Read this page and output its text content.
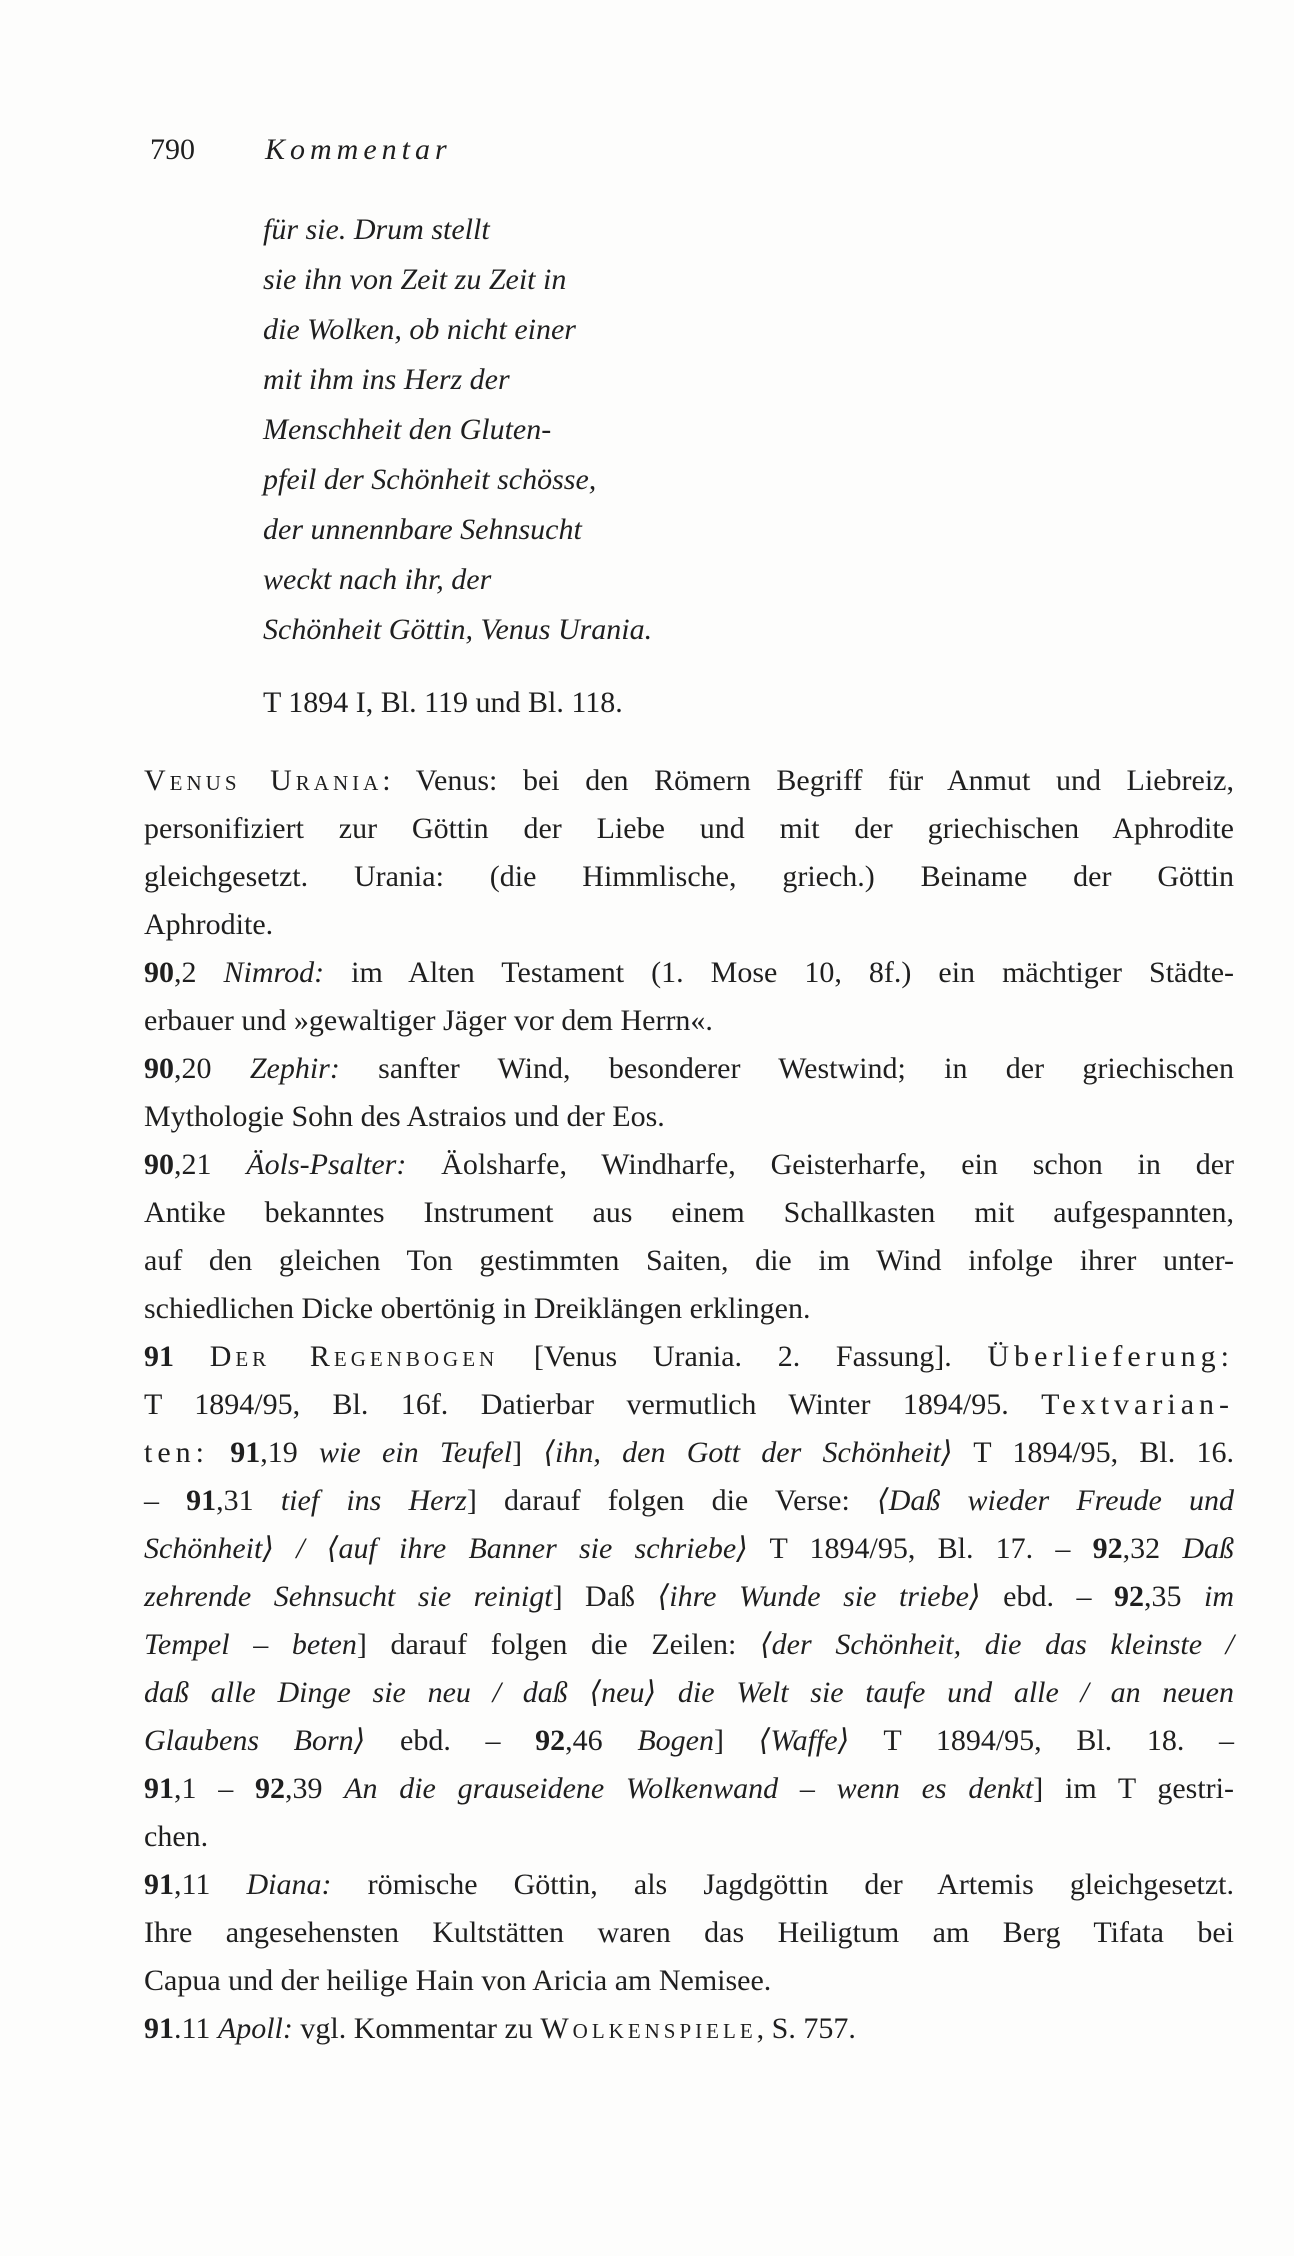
790 Kommentar
für sie. Drum stellt
sie ihn von Zeit zu Zeit in
die Wolken, ob nicht einer
mit ihm ins Herz der
Menschheit den Gluten-
pfeil der Schönheit schösse,
der unnennbare Sehnsucht
weckt nach ihr, der
Schönheit Göttin, Venus Urania.
T 1894 I, Bl. 119 und Bl. 118.
Venus Urania: Venus: bei den Römern Begriff für Anmut und Liebreiz,
personifiziert zur Göttin der Liebe und mit der griechischen Aphrodite
gleichgesetzt. Urania: (die Himmlische, griech.) Beiname der Göttin
Aphrodite.
90,2 Nimrod: im Alten Testament (1. Mose 10, 8f.) ein mächtiger Städte-
erbauer und »gewaltiger Jäger vor dem Herrn«.
90,20 Zephir: sanfter Wind, besonderer Westwind; in der griechischen
Mythologie Sohn des Astraios und der Eos.
90,21 Äols-Psalter: Äolsharfe, Windharfe, Geisterharfe, ein schon in der
Antike bekanntes Instrument aus einem Schallkasten mit aufgespannten,
auf den gleichen Ton gestimmten Saiten, die im Wind infolge ihrer unter-
schiedlichen Dicke obertönig in Dreiklängen erklingen.
91 Der Regenbogen [Venus Urania. 2. Fassung]. Überlieferung:
T 1894/95, Bl. 16f. Datierbar vermutlich Winter 1894/95. Textvarian-
ten: 91,19 wie ein Teufel] ⟨ihn, den Gott der Schönheit⟩ T 1894/95, Bl. 16.
– 91,31 tief ins Herz] darauf folgen die Verse: ⟨Daß wieder Freude und
Schönheit⟩ / ⟨auf ihre Banner sie schriebe⟩ T 1894/95, Bl. 17. – 92,32 Daß
zehrende Sehnsucht sie reinigt] Daß ⟨ihre Wunde sie triebe⟩ ebd. – 92,35 im
Tempel – beten] darauf folgen die Zeilen: ⟨der Schönheit, die das kleinste /
daß alle Dinge sie neu / daß ⟨neu⟩ die Welt sie taufe und alle / an neuen
Glaubens Born⟩ ebd. – 92,46 Bogen] ⟨Waffe⟩ T 1894/95, Bl. 18. –
91,1 – 92,39 An die grauseidene Wolkenwand – wenn es denkt] im T gestri-
chen.
91,11 Diana: römische Göttin, als Jagdgöttin der Artemis gleichgesetzt.
Ihre angesehensten Kultstätten waren das Heiligtum am Berg Tifata bei
Capua und der heilige Hain von Aricia am Nemisee.
91.11 Apoll: vgl. Kommentar zu Wolkenspiele, S. 757.
